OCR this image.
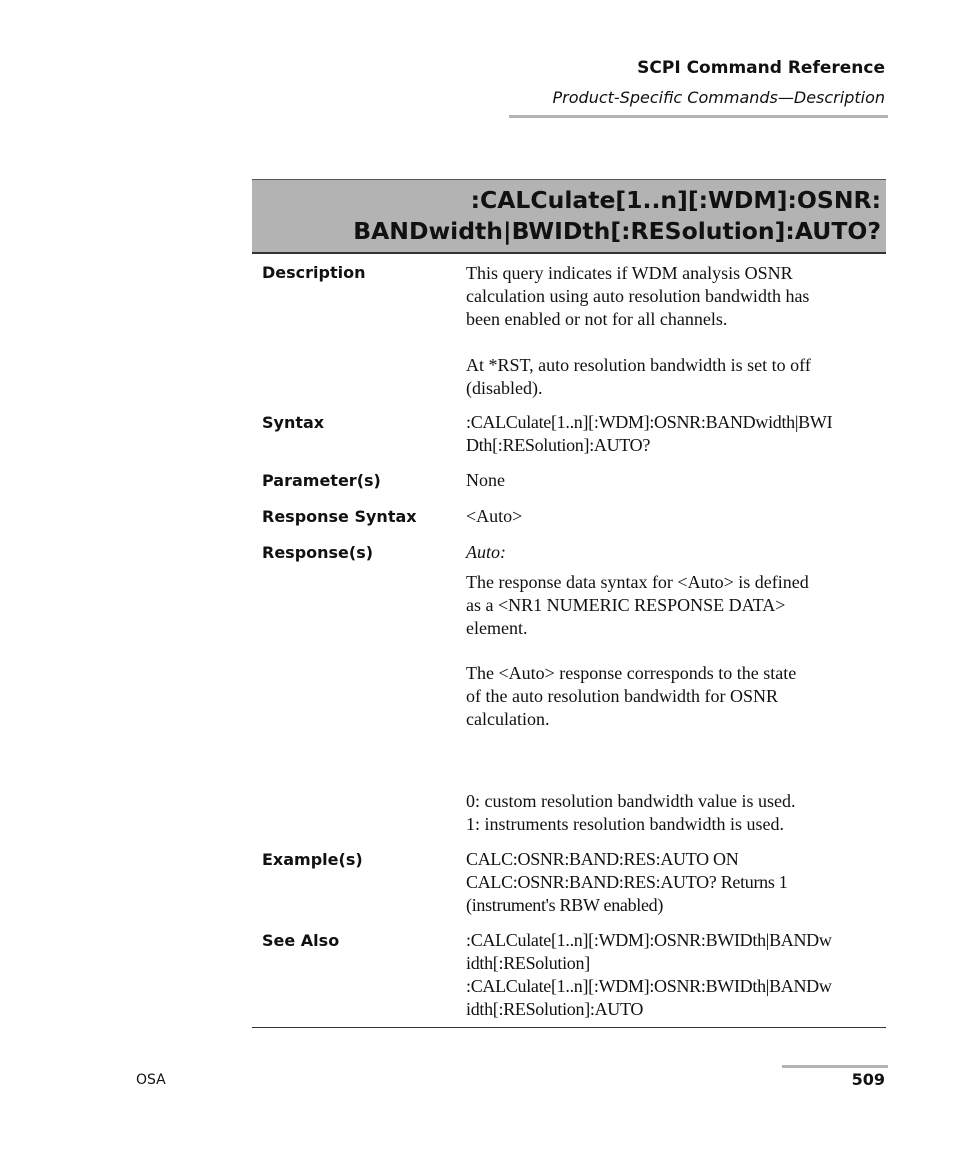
SCPI Command Reference
Product-Specific Commands—Description
:CALCulate[1..n][:WDM]:OSNR:
BANDwidth|BWIDth[:RESolution]:AUTO?
Description	This query indicates if WDM analysis OSNR
calculation using auto resolution bandwidth has
been enabled or not for all channels.
At *RST, auto resolution bandwidth is set to off
(disabled).
Syntax	:CALCulate[1..n][:WDM]:OSNR:BANDwidth|BWI
Dth[:RESolution]:AUTO?
Parameter(s)	None
Response Syntax	<Auto>
Response(s)	Auto:
The response data syntax for <Auto> is defined
as a <NR1 NUMERIC RESPONSE DATA>
element.
The <Auto> response corresponds to the state
of the auto resolution bandwidth for OSNR
calculation.
0: custom resolution bandwidth value is used.
1: instruments resolution bandwidth is used.
Example(s)	CALC:OSNR:BAND:RES:AUTO ON
CALC:OSNR:BAND:RES:AUTO? Returns 1
(instrument's RBW enabled)
See Also	:CALCulate[1..n][:WDM]:OSNR:BWIDth|BANDw
idth[:RESolution]
:CALCulate[1..n][:WDM]:OSNR:BWIDth|BANDw
idth[:RESolution]:AUTO
OSA	509
